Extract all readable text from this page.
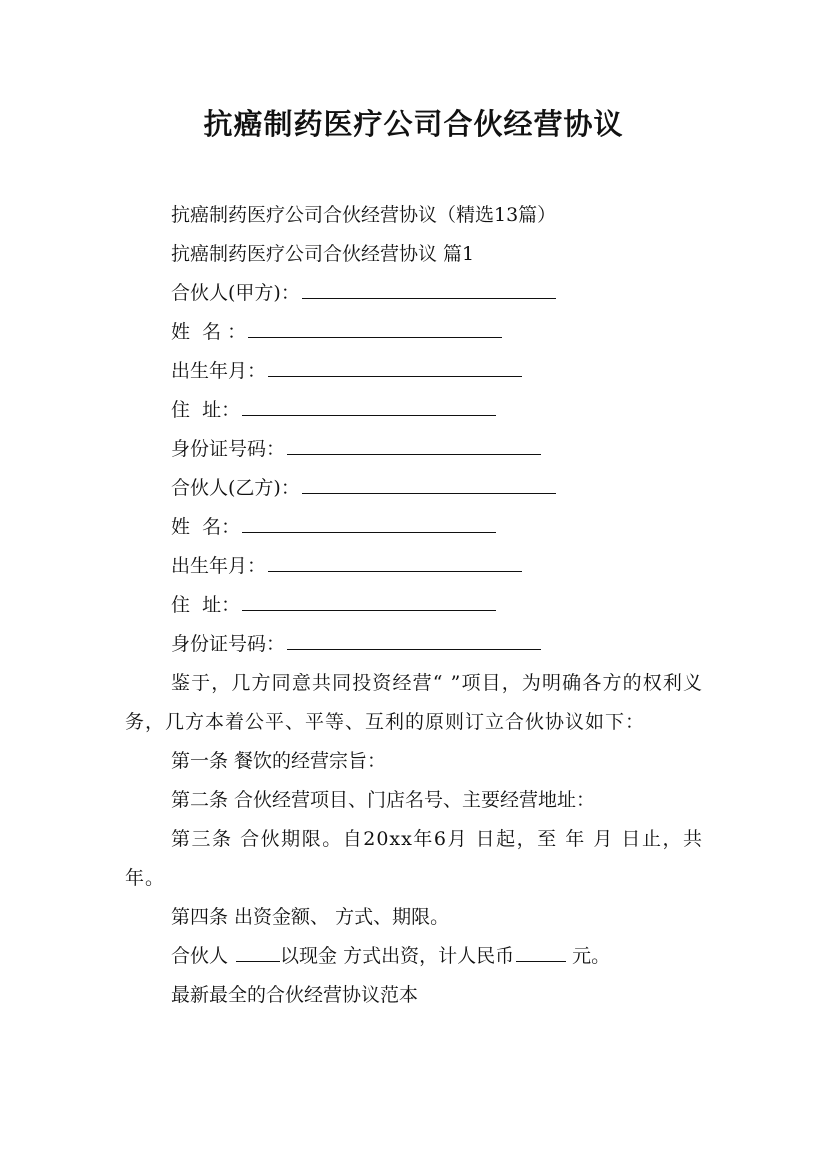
抗癌制药医疗公司合伙经营协议

抗癌制药医疗公司合伙经营协议（精选13篇）

抗癌制药医疗公司合伙经营协议 篇1

合伙人(甲方)：

姓  名 ：

出生年月：

住  址：

身份证号码：

合伙人(乙方)：

姓  名：

出生年月：

住  址：

身份证号码：

鉴于，几方同意共同投资经营“ ”项目，为明确各方的权利义务，几方本着公平、平等、互利的原则订立合伙协议如下：

第一条 餐饮的经营宗旨：

第二条 合伙经营项目、门店名号、主要经营地址：

第三条 合伙期限。自20xx年6月 日起，至 年 月 日止，共 年。

第四条 出资金额、 方式、期限。

合伙人 以现金 方式出资，计人民币	元。

最新最全的合伙经营协议范本
